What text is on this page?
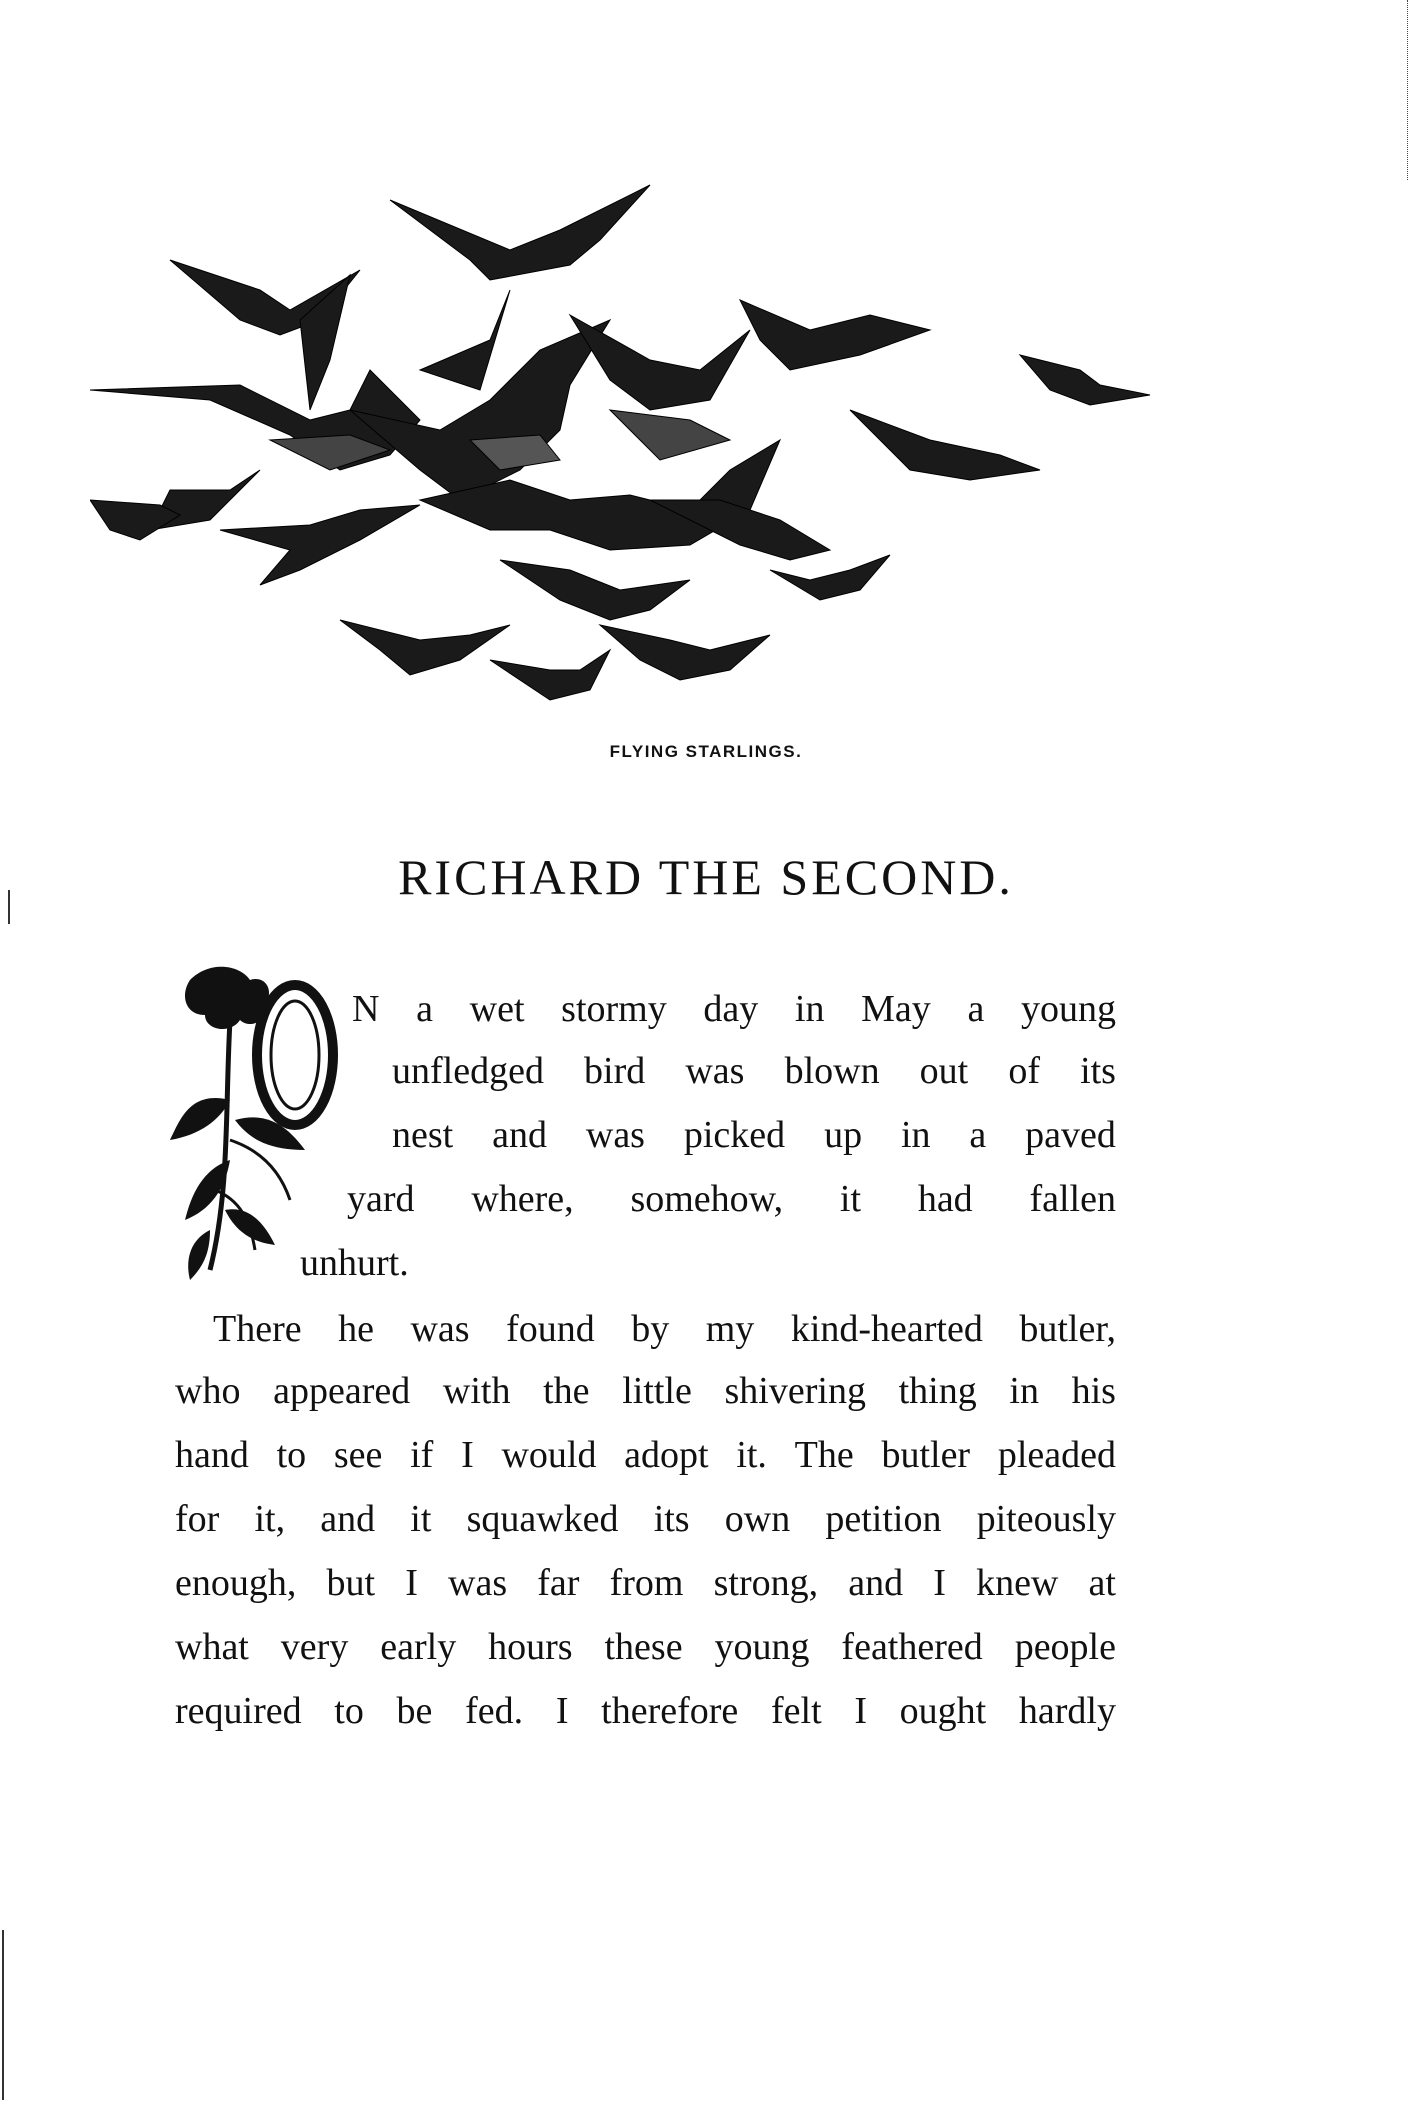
FLYING STARLINGS.
RICHARD THE SECOND.
N a wet stormy day in May a young
unfledged bird was blown out of its
nest and was picked up in a paved
yard where, somehow, it had fallen
unhurt.
There he was found by my kind-hearted butler,
who appeared with the little shivering thing in his
hand to see if I would adopt it. The butler pleaded
for it, and it squawked its own petition piteously
enough, but I was far from strong, and I knew at
what very early hours these young feathered people
required to be fed. I therefore felt I ought hardly
